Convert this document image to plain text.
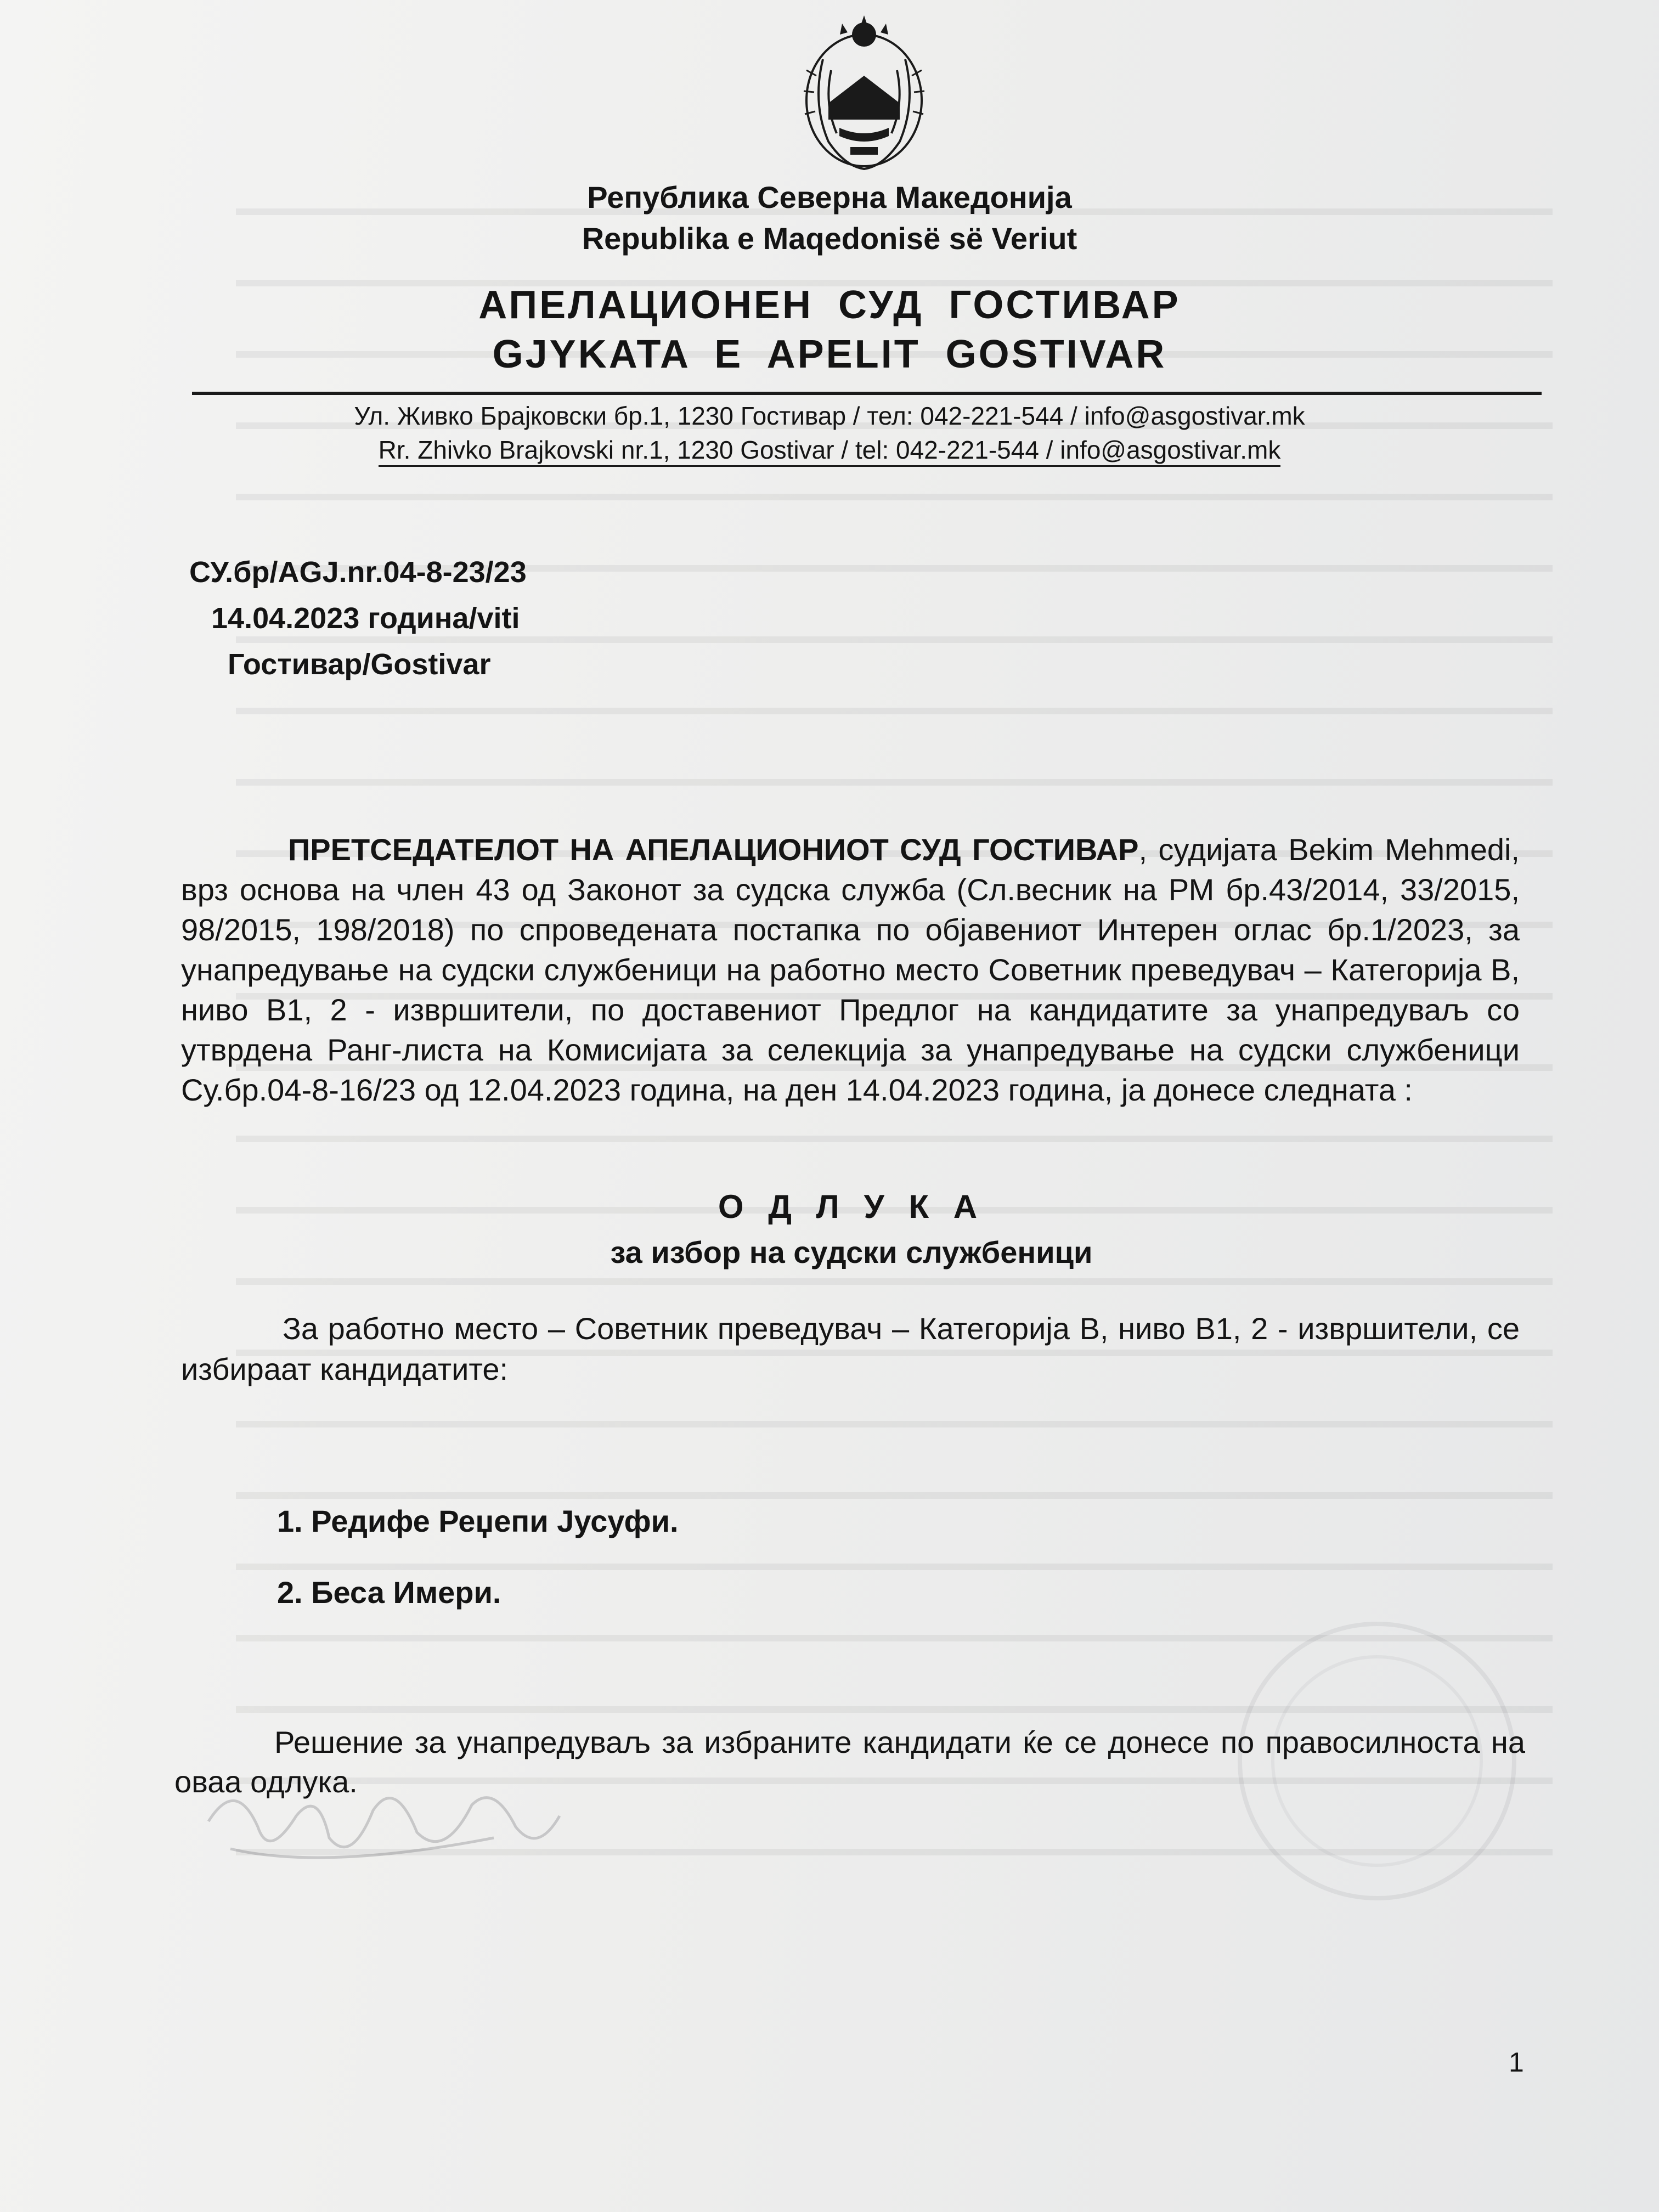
Република Северна Македонија
Republika e Maqedonisë së Veriut
АПЕЛАЦИОНЕН СУД ГОСТИВАР
GJYKATA E APELIT GOSTIVAR
Ул. Живко Брајковски бр.1, 1230 Гостивар / тел: 042-221-544 / info@asgostivar.mk
Rr. Zhivko Brajkovski nr.1, 1230 Gostivar / tel: 042-221-544 / info@asgostivar.mk
СУ.бр/AGJ.nr.04-8-23/23
14.04.2023 година/viti
Гостивар/Gostivar
ПРЕТСЕДАТЕЛОТ НА АПЕЛАЦИОНИОТ СУД ГОСТИВАР, судијата Bekim Mehmedi, врз основа на член 43 од Законот за судска служба (Сл.весник на РМ бр.43/2014, 33/2015, 98/2015, 198/2018) по спроведената постапка по објавениот Интерен оглас бр.1/2023, за унапредување на судски службеници на работно место Советник преведувач – Категорија В, ниво В1, 2 - извршители, по доставениот Предлог на кандидатите за унапредуваљ со утврдена Ранг-листа на Комисијата за селекција за унапредување на судски службеници Су.бр.04-8-16/23 од 12.04.2023 година, на ден 14.04.2023 година, ја донесе следната :
О Д Л У К А
за избор на судски службеници
За работно место – Советник преведувач – Категорија В, ниво В1, 2 - извршители, се избираат кандидатите:
1. Редифе Реџепи Јусуфи.
2. Беса Имери.
Решение за унапредуваљ за избраните кандидати ќе се донесе по правосилноста на оваа одлука.
1
